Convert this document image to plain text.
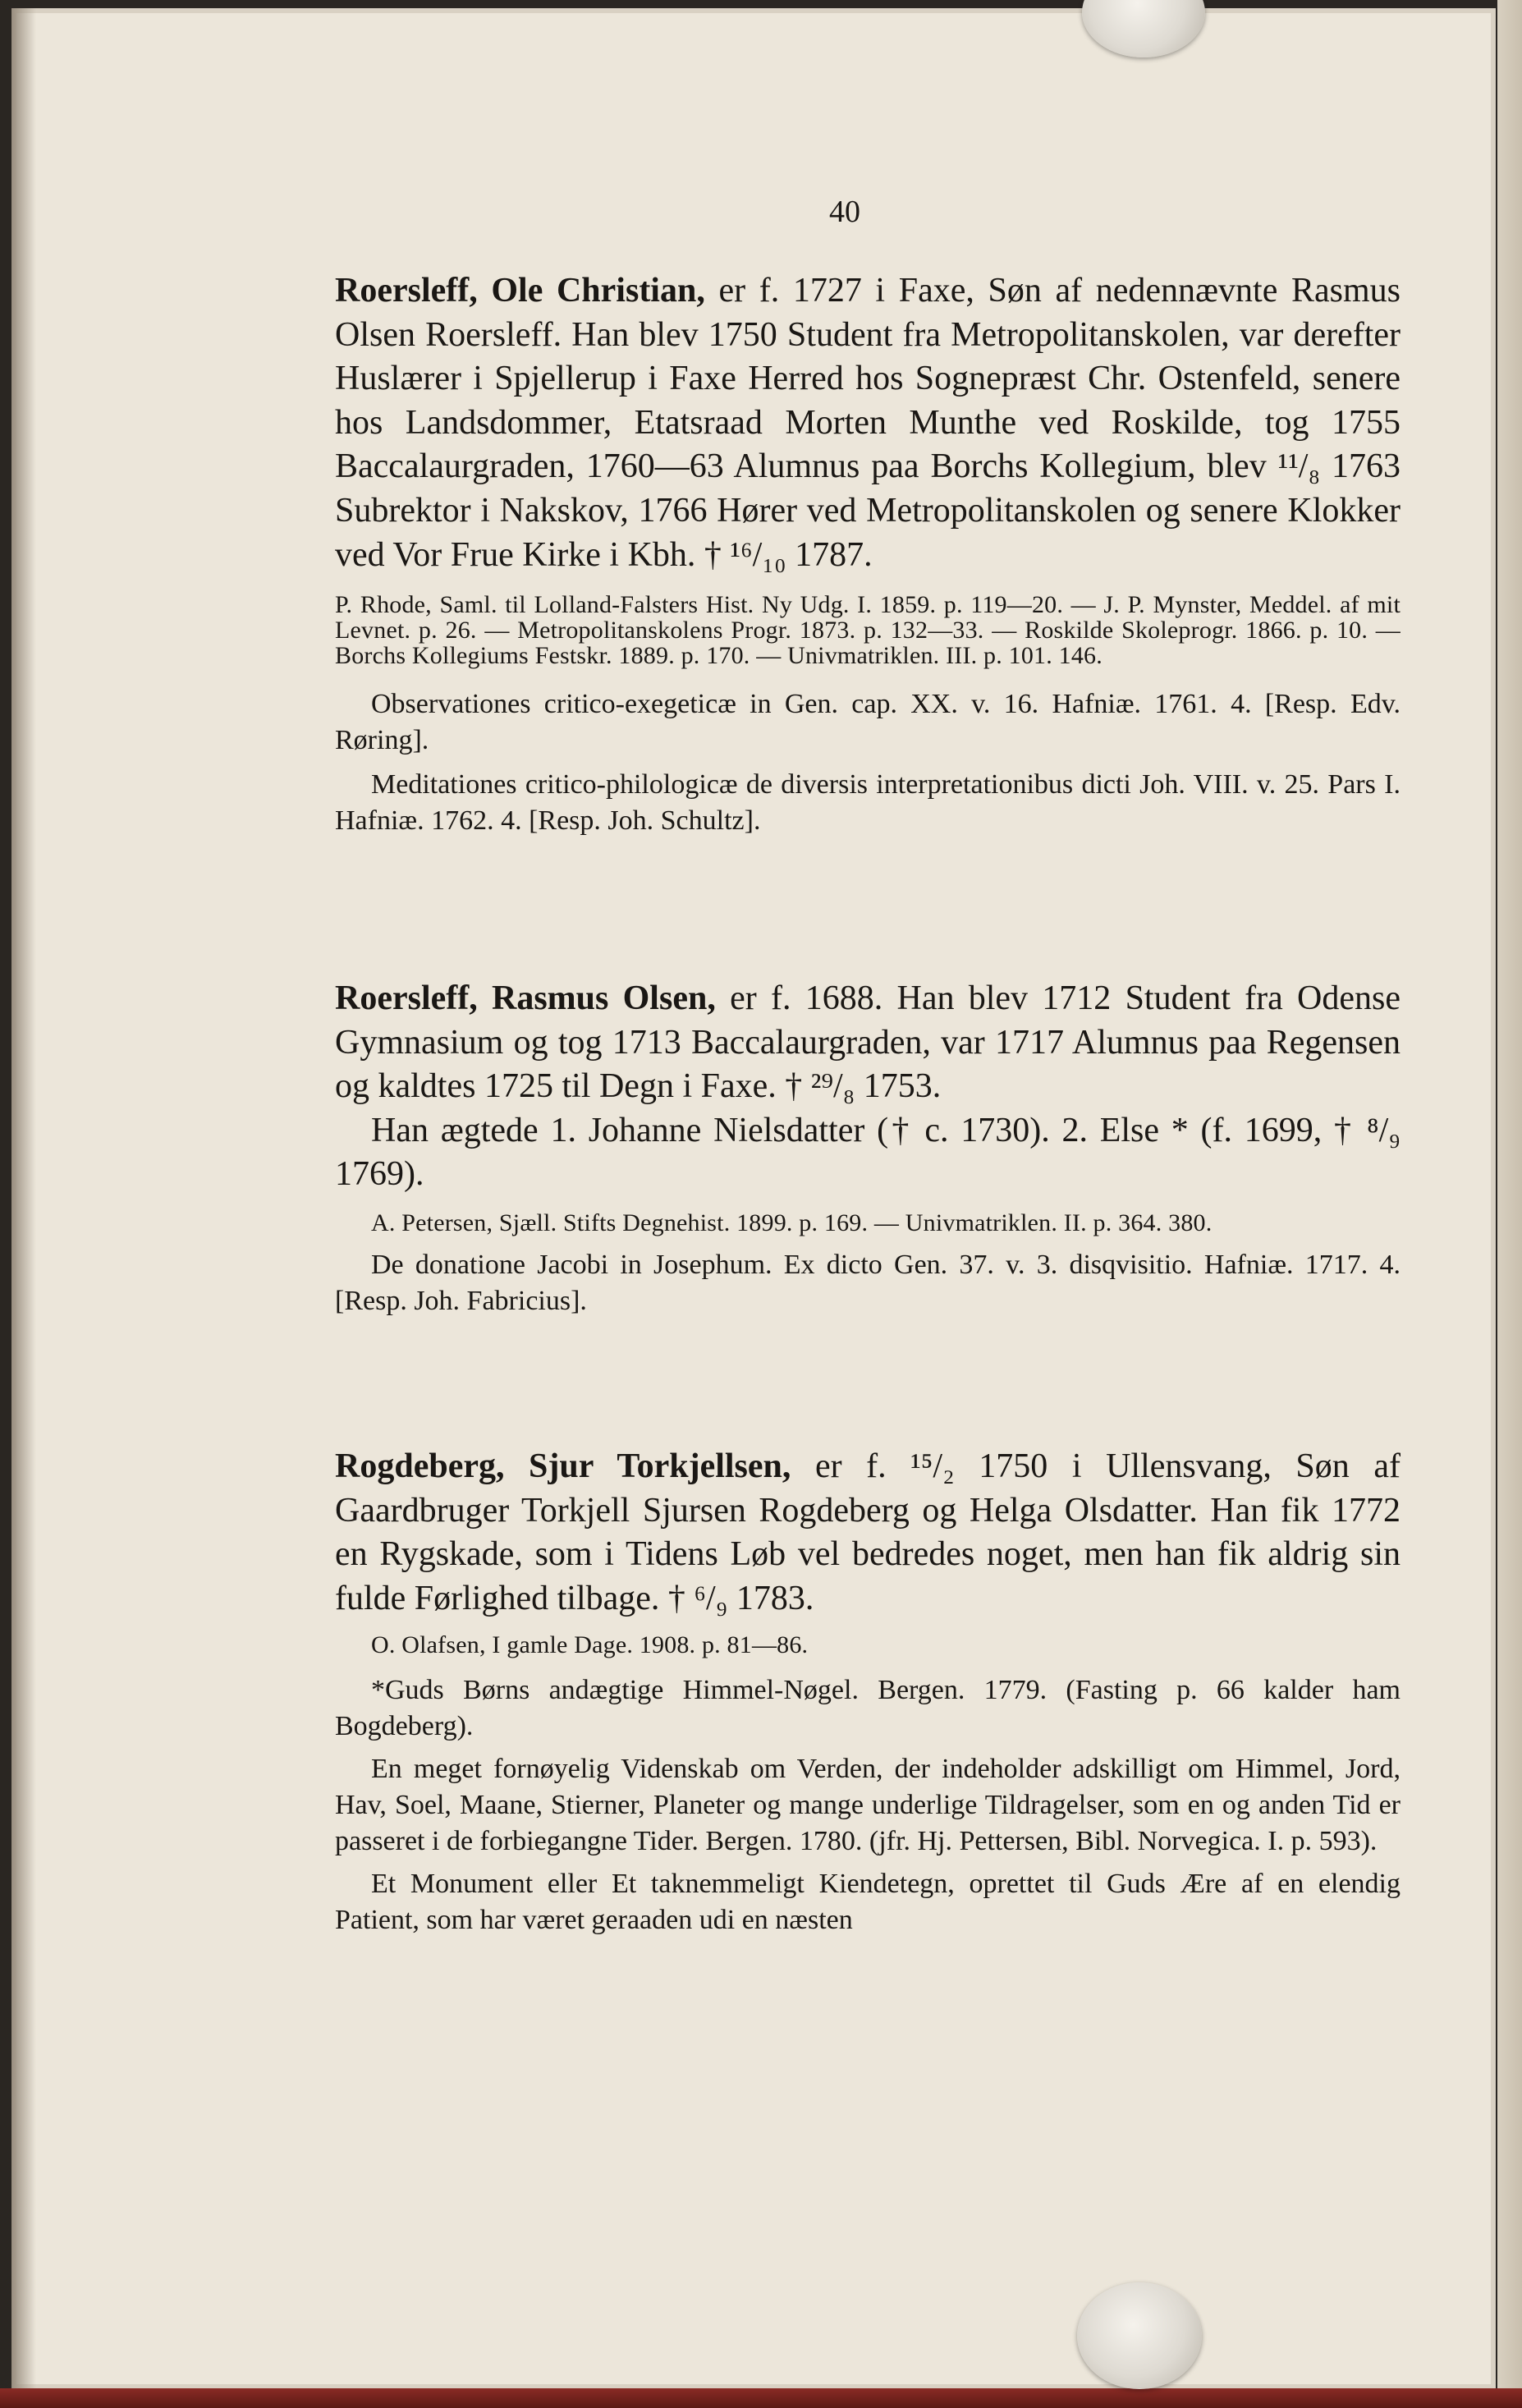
40

Roersleff, Ole Christian, er f. 1727 i Faxe, Søn af nedennævnte Rasmus Olsen Roersleff. Han blev 1750 Student fra Metropolitanskolen, var derefter Huslærer i Spjellerup i Faxe Herred hos Sognepræst Chr. Ostenfeld, senere hos Landsdommer, Etatsraad Morten Munthe ved Roskilde, tog 1755 Baccalaurgraden, 1760—63 Alumnus paa Borchs Kollegium, blev ¹¹/₈ 1763 Subrektor i Nakskov, 1766 Hører ved Metropolitanskolen og senere Klokker ved Vor Frue Kirke i Kbh. † ¹⁶/₁₀ 1787.

P. Rhode, Saml. til Lolland-Falsters Hist. Ny Udg. I. 1859. p. 119—20. — J. P. Mynster, Meddel. af mit Levnet. p. 26. — Metropolitanskolens Progr. 1873. p. 132—33. — Roskilde Skoleprogr. 1866. p. 10. — Borchs Kollegiums Festskr. 1889. p. 170. — Univmatriklen. III. p. 101. 146.

Observationes critico-exegeticæ in Gen. cap. XX. v. 16. Hafniæ. 1761. 4. [Resp. Edv. Røring].

Meditationes critico-philologicæ de diversis interpretationibus dicti Joh. VIII. v. 25. Pars I. Hafniæ. 1762. 4. [Resp. Joh. Schultz].

Roersleff, Rasmus Olsen, er f. 1688. Han blev 1712 Student fra Odense Gymnasium og tog 1713 Baccalaurgraden, var 1717 Alumnus paa Regensen og kaldtes 1725 til Degn i Faxe. † ²⁹/₈ 1753.

Han ægtede 1. Johanne Nielsdatter († c. 1730). 2. Else * (f. 1699, † ⁸/₉ 1769).

A. Petersen, Sjæll. Stifts Degnehist. 1899. p. 169. — Univmatriklen. II. p. 364. 380.

De donatione Jacobi in Josephum. Ex dicto Gen. 37. v. 3. disqvisitio. Hafniæ. 1717. 4. [Resp. Joh. Fabricius].

Rogdeberg, Sjur Torkjellsen, er f. ¹⁵/₂ 1750 i Ullensvang, Søn af Gaardbruger Torkjell Sjursen Rogdeberg og Helga Olsdatter. Han fik 1772 en Rygskade, som i Tidens Løb vel bedredes noget, men han fik aldrig sin fulde Førlighed tilbage. † ⁶/₉ 1783.

O. Olafsen, I gamle Dage. 1908. p. 81—86.

*Guds Børns andægtige Himmel-Nøgel. Bergen. 1779. (Fasting p. 66 kalder ham Bogdeberg).

En meget fornøyelig Videnskab om Verden, der indeholder adskilligt om Himmel, Jord, Hav, Soel, Maane, Stierner, Planeter og mange underlige Tildragelser, som en og anden Tid er passeret i de forbiegangne Tider. Bergen. 1780. (jfr. Hj. Pettersen, Bibl. Norvegica. I. p. 593).

Et Monument eller Et taknemmeligt Kiendetegn, oprettet til Guds Ære af en elendig Patient, som har været geraaden udi en næsten
